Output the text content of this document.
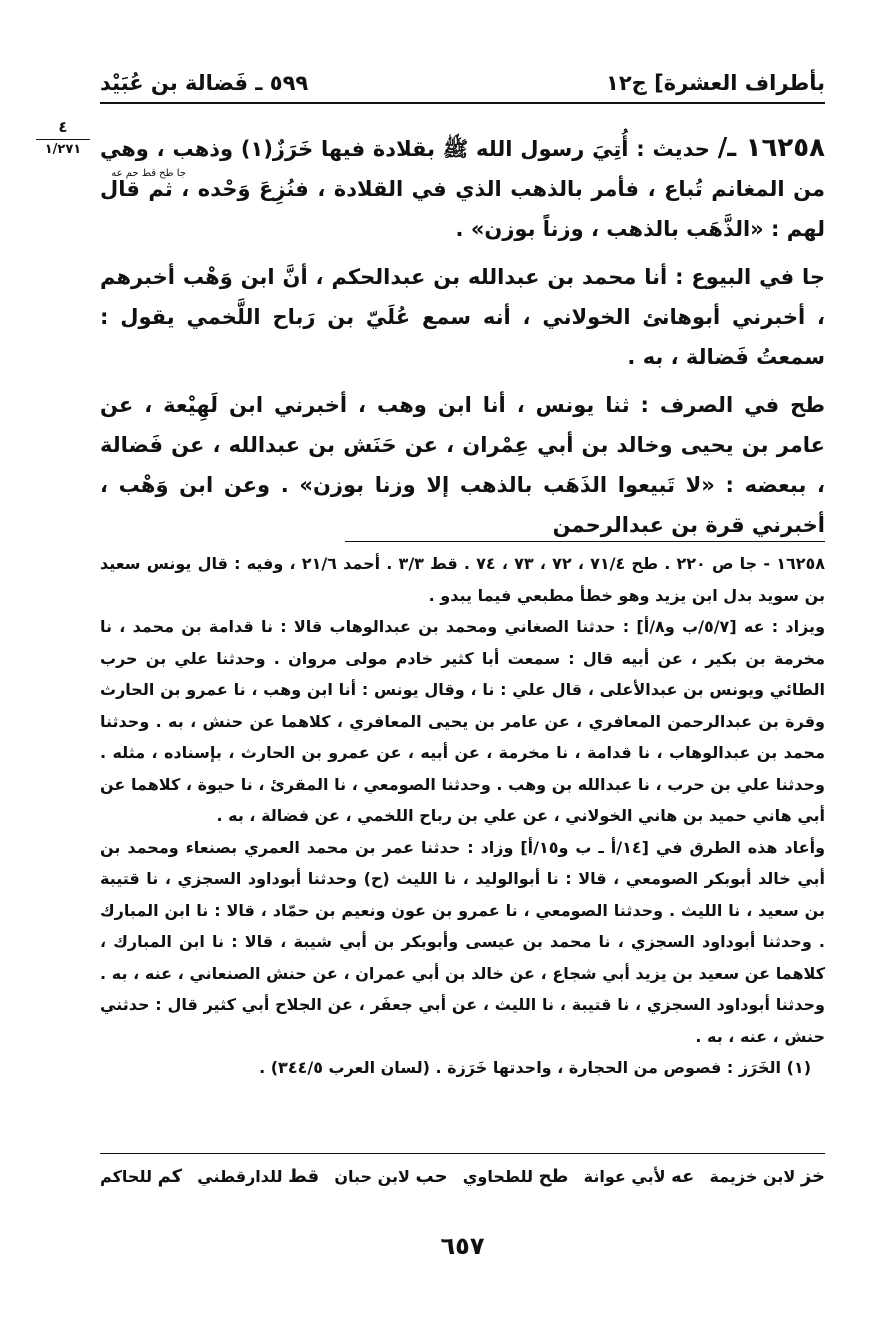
بأطراف العشرة] ج١٢
٥٩٩ ـ فَضالة بن عُبَيْد
٤
١/٢٧١
جا طح قط حم عه

١٦٢٥٨ ـ/ حديث : أُتِيَ رسول الله ﷺ بقلادة فيها خَرَزٌ(١) وذهب ، وهي من المغانم تُباع ، فأمر بالذهب الذي في القلادة ، فنُزِعَ وَحْده ، ثم قال لهم : «الذَّهَب بالذهب ، وزناً بوزن» .

جا في البيوع : أنا محمد بن عبدالله بن عبدالحكم ، أنَّ ابن وَهْب أخبرهم ، أخبرني أبوهانئ الخولاني ، أنه سمع عُلَيّ بن رَباح اللَّخمي يقول : سمعتُ فَضالة ، به .

طح في الصرف : ثنا يونس ، أنا ابن وهب ، أخبرني ابن لَهِيْعة ، عن عامر بن يحيى وخالد بن أبي عِمْران ، عن حَنَش بن عبدالله ، عن فَضالة ، ببعضه : «لا تَبيعوا الذَهَب بالذهب إلا وزنا بوزن» . وعن ابن وَهْب ، أخبرني قرة بن عبدالرحمن

١٦٢٥٨ - جا ص ٢٢٠ . طح ٧١/٤ ، ٧٢ ، ٧٣ ، ٧٤ . قط ٣/٣ . أحمد ٢١/٦ ، وفيه : قال يونس سعيد بن سويد بدل ابن يزيد وهو خطأ مطبعي فيما يبدو .

ويزاد : عه [٥/٧/ب و٨/أ] : حدثنا الصغاني ومحمد بن عبدالوهاب قالا : نا قدامة بن محمد ، نا مخرمة بن بكير ، عن أبيه قال : سمعت أبا كثير خادم مولى مروان . وحدثنا علي بن حرب الطائي ويونس بن عبدالأعلى ، قال علي : نا ، وقال يونس : أنا ابن وهب ، نا عمرو بن الحارث وقرة بن عبدالرحمن المعافري ، عن عامر بن يحيى المعافري ، كلاهما عن حنش ، به . وحدثنا محمد بن عبدالوهاب ، نا قدامة ، نا مخرمة ، عن أبيه ، عن عمرو بن الحارث ، بإسناده ، مثله . وحدثنا علي بن حرب ، نا عبدالله بن وهب . وحدثنا الصومعي ، نا المقرئ ، نا حيوة ، كلاهما عن أبي هاني حميد بن هاني الخولاني ، عن علي بن رباح اللخمي ، عن فضالة ، به .

وأعاد هذه الطرق في [١٤/أ ـ ب و١٥/أ] وزاد : حدثنا عمر بن محمد العمري بصنعاء ومحمد بن أبي خالد أبوبكر الصومعي ، قالا : نا أبوالوليد ، نا الليث (ح) وحدثنا أبوداود السجزي ، نا قتيبة بن سعيد ، نا الليث . وحدثنا الصومعي ، نا عمرو بن عون ونعيم بن حمّاد ، قالا : نا ابن المبارك . وحدثنا أبوداود السجزي ، نا محمد بن عيسى وأبوبكر بن أبي شيبة ، قالا : نا ابن المبارك ، كلاهما عن سعيد بن يزيد أبي شجاع ، عن خالد بن أبي عمران ، عن حنش الصنعاني ، عنه ، به . وحدثنا أبوداود السجزي ، نا قتيبة ، نا الليث ، عن أبي جعفَر ، عن الجلاح أبي كثير قال : حدثني حنش ، عنه ، به .

(١) الخَرَز : فصوص من الحجارة ، واحدتها خَرَزة . (لسان العرب ٣٤٤/٥) .

خز لابن خزيمة
عه لأبي عوانة
طح للطحاوي
حب لابن حبان
قط للدارقطني
كم للحاكم
٦٥٧
